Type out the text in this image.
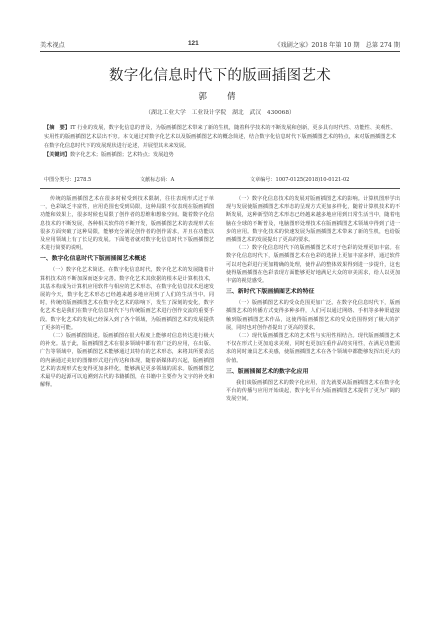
美术视点	121	《戏剧之家》2018 年第 10 期　总第 274 期
数字化信息时代下的版画插图艺术
郭　倩
（湖北工业大学　工业设计学院　湖北　武汉　430068）
【摘　要】IT 行业的发展，数字化信息的普及，为版画插图艺术带来了新的生机，随着科学技术的不断发展和创新，更多具有时代性、功能性、美观性、实用性的版画插图艺术层出不穷。本文通过对数字化艺术以及版画插图艺术的概念简述，结合数字化信息时代下版画插图艺术的特点，来对版画插图艺术在数字化信息时代下的发展现状进行论述，并展望其未来发展。
【关键词】数字化艺术；版画插图；艺术特点；发展趋势
中图分类号：J278.5	文献标志码：A	文章编号：1007-0125(2018)10-0121-02

传统的版画插图艺术在很多时候受到技术限制，往往表现形式过于单一，色彩缺乏丰富性，应用范围也受到局限，这种局限不仅表现在版画插图功能和效果上，很多时候也局限了创作者的思维和想象空间。随着数字化信息技术的不断发展，各种相关软件的不断开发，版画插图艺术的表现形式在很多方面突破了这种局限，能够充分满足创作者的创作需求，并且在功能以及应用领域上有了长足的发展。下面笔者就对数字化信息时代下版画插图艺术进行简要的说明。

一、数字化信息时代下版画插图艺术概述

（一）数字化艺术简述。在数字化信息时代，数字化艺术的发展随着计算机技术的不断加深而逐步完善。数字化艺术其依据的根本是计算机技术，其基本构成为计算机应用软件与相应的艺术形态，在数字化信息技术迅速发展的今天，数字化艺术形态已经越来越多地应用到了人们的生活当中。同时，传统的版画插图艺术在数字化艺术的影响下，发生了深刻的变化，数字化艺术也是我们在数字化信息时代下与传统版画艺术进行创作交流的重要手段。数字化艺术的发展已经深入到了各个领域，为版画插图艺术的发展提供了更多的可能。

（二）版画插图简述。版画插图在很大程度上能够对信息传达进行极大的补充。基于此，版画插图艺术在很多领域中都有着广泛的应用，在出版、广告等领域中，版画插图艺术能够通过其特有的艺术形态，来将其所要表达的内涵通过美好的图像形式进行传达和体现，随着新媒体的兴起，版画插图艺术的表现形式也变得更加多样化，能够满足更多领域的需求。版画插图艺术最早的起源可以追溯到古代的书籍插图，在书籍中主要作为文字的补充和解释。

（一）数字化信息技术的发展对版画插图艺术的影响。计算机图形学出现与发展使版画插图艺术形态的呈现方式更加多样化，随着计算机技术的不断发展，这种新型的艺术形态已经越来越多地应用到日常生活当中，随着电脑在全球的不断普及，电脑图形处理技术在版画插图艺术领域中得到了进一步的应用。数字化技术的快速发展为版画插图艺术带来了新的生机，也给版画插图艺术的发展提出了更高的要求。

（二）数字化信息时代下的版画插图艺术对于色彩的处理更加丰富。在数字化信息时代下，版画插图艺术在色彩的选择上更加丰富多样，通过软件可以对色彩进行更加精确的处理，使作品的整体效果得到进一步提升，这也使得版画插图在色彩表现方面能够更好地满足大众的审美需求，给人以更加丰富的视觉感受。

三、新时代下版画插图艺术的特征

（一）版画插图艺术的受众范围更加广泛。在数字化信息时代下，版画插图艺术的传播方式变得多种多样，人们可以通过网络、手机等多种渠道接触到版画插图艺术作品，这使得版画插图艺术的受众范围得到了极大的扩展，同时也对创作者提出了更高的要求。

（二）现代版画插图艺术的艺术性与实用性相结合。现代版画插图艺术不仅在形式上更加追求美观，同时也更加注重作品的实用性，在满足功能需求的同时兼具艺术美感，使版画插图艺术在各个领域中都能够发挥出更大的价值。

三、版画插图艺术的数字化应用

我们谈版画插图艺术的数字化应用，首先就要从版画插图艺术在数字化平台的传播与应用开始谈起，数字化平台为版画插图艺术提供了更为广阔的发展空间。
